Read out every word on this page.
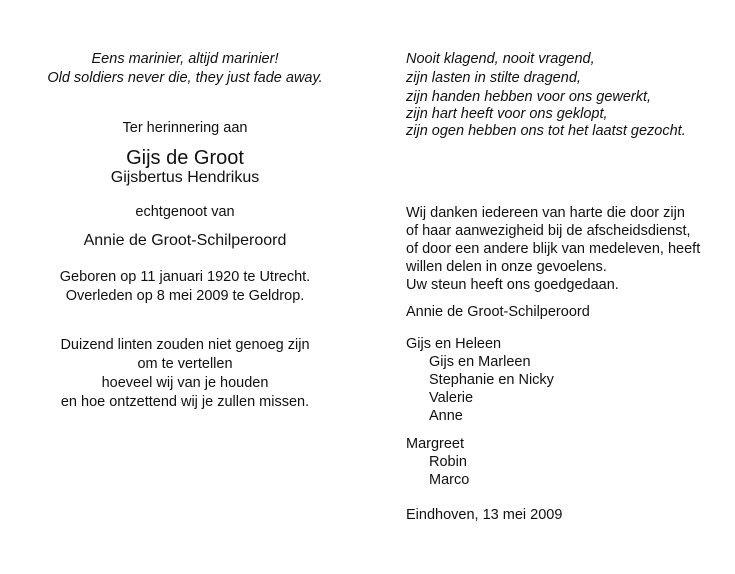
Eens marinier, altijd marinier!
Old soldiers never die, they just fade away.
Ter herinnering aan
Gijs de Groot
Gijsbertus Hendrikus
echtgenoot van
Annie de Groot-Schilperoord
Geboren op 11 januari 1920 te Utrecht.
Overleden op 8 mei 2009 te Geldrop.
Duizend linten zouden niet genoeg zijn
om te vertellen
hoeveel wij van je houden
en hoe ontzettend wij je zullen missen.
Nooit klagend, nooit vragend,
zijn lasten in stilte dragend,
zijn handen hebben voor ons gewerkt,
zijn hart heeft voor ons geklopt,
zijn ogen hebben ons tot het laatst gezocht.
Wij danken iedereen van harte die door zijn
of haar aanwezigheid bij de afscheidsdienst,
of door een andere blijk van medeleven, heeft
willen delen in onze gevoelens.
Uw steun heeft ons goedgedaan.
Annie de Groot-Schilperoord
Gijs en Heleen
Gijs en Marleen
Stephanie en Nicky
Valerie
Anne
Margreet
Robin
Marco
Eindhoven, 13 mei 2009
